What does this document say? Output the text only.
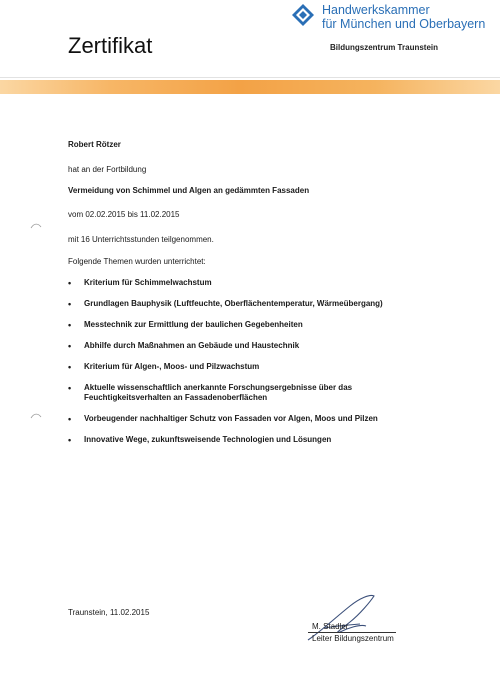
Zertifikat
Handwerkskammer
für München und Oberbayern
Bildungszentrum Traunstein
Robert Rötzer
hat an der Fortbildung
Vermeidung von Schimmel und Algen an gedämmten Fassaden
vom 02.02.2015 bis 11.02.2015
mit 16 Unterrichtsstunden teilgenommen.
Folgende Themen wurden unterrichtet:
• Kriterium für Schimmelwachstum
• Grundlagen Bauphysik (Luftfeuchte, Oberflächentemperatur, Wärmeübergang)
• Messtechnik zur Ermittlung der baulichen Gegebenheiten
• Abhilfe durch Maßnahmen an Gebäude und Haustechnik
• Kriterium für Algen-, Moos- und Pilzwachstum
• Aktuelle wissenschaftlich anerkannte Forschungsergebnisse über das Feuchtigkeitsverhalten an Fassadenoberflächen
• Vorbeugender nachhaltiger Schutz von Fassaden vor Algen, Moos und Pilzen
• Innovative Wege, zukunftsweisende Technologien und Lösungen
Traunstein, 11.02.2015
M. Stadler
Leiter Bildungszentrum
